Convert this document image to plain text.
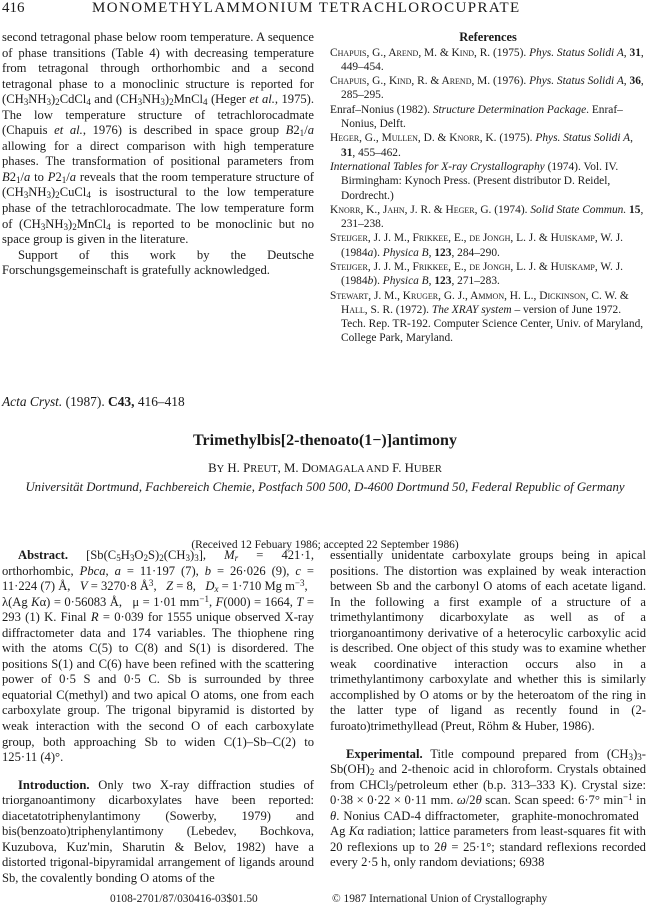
416	MONOMETHYLAMMONIUM TETRACHLOROCUPRATE

second tetragonal phase below room temperature. A sequence of phase transitions (Table 4) with decreasing temperature from tetragonal through orthorhombic and a second tetragonal phase to a monoclinic structure is reported for $(CH_3NH_3)_2CdCl_4$ and $(CH_3NH_3)_2MnCl_4$ (Heger et al., 1975). The low temperature structure of tetrachlorocadmate (Chapuis et al., 1976) is described in space group $B2_1/a$ allowing for a direct comparison with high temperature phases. The transformation of positional parameters from $B2_1/a$ to $P2_1/a$ reveals that the room temperature structure of $(CH_3NH_3)_2CuCl_4$ is isostructural to the low temperature phase of the tetrachlorocadmate. The low temperature form of $(CH_3NH_3)_2MnCl_4$ is reported to be monoclinic but no space group is given in the literature.

Support of this work by the Deutsche Forschungsgemeinschaft is gratefully acknowledged.

References

Chapuis, G., Arend, M. & Kind, R. (1975). Phys. Status Solidi A, 31, 449–454.

Chapuis, G., Kind, R. & Arend, M. (1976). Phys. Status Solidi A, 36, 285–295.

Enraf–Nonius (1982). Structure Determination Package. Enraf–Nonius, Delft.

Heger, G., Mullen, D. & Knorr, K. (1975). Phys. Status Solidi A, 31, 455–462.

International Tables for X-ray Crystallography (1974). Vol. IV. Birmingham: Kynoch Press. (Present distributor D. Reidel, Dordrecht.)

Knorr, K., Jahn, J. R. & Heger, G. (1974). Solid State Commun. 15, 231–238.

Steijger, J. J. M., Frikkee, E., de Jongh, L. J. & Huiskamp, W. J. (1984a). Physica B, 123, 284–290.

Steijger, J. J. M., Frikkee, E., de Jongh, L. J. & Huiskamp, W. J. (1984b). Physica B, 123, 271–283.

Stewart, J. M., Kruger, G. J., Ammon, H. L., Dickinson, C. W. & Hall, S. R. (1972). The XRAY system – version of June 1972. Tech. Rep. TR-192. Computer Science Center, Univ. of Maryland, College Park, Maryland.

Acta Cryst. (1987). C43, 416–418
Trimethylbis[2-thenoato(1−)]antimony
BY H. PREUT, M. DOMAGALA AND F. HUBER
Universität Dortmund, Fachbereich Chemie, Postfach 500 500, D-4600 Dortmund 50, Federal Republic of Germany
(Received 12 Febuary 1986; accepted 22 September 1986)

Abstract. $[Sb(C_5H_3O_2S)_2(CH_3)_3]$, $M_r = 421\cdot 1$, orthorhombic, Pbca, a = 11·197 (7), b = 26·026 (9), c = 11·224 (7) Å,   V = 3270·8 $Å^3$,   Z = 8,   $D_x = 1\cdot 710$ Mg $m^{-3}$,   λ(Ag Kα) = 0·56083 Å,   μ = 1·01 $mm^{-1}$, F(000) = 1664, T = 293 (1) K. Final R = 0·039 for 1555 unique observed X-ray diffractometer data and 174 variables. The thiophene ring with the atoms C(5) to C(8) and S(1) is disordered. The positions S(1) and C(6) have been refined with the scattering power of 0·5 S and 0·5 C. Sb is surrounded by three equatorial C(methyl) and two apical O atoms, one from each carboxylate group. The trigonal bipyramid is distorted by weak interaction with the second O of each carboxylate group, both approaching Sb to widen C(1)–Sb–C(2) to 125·11 (4)°.

Introduction. Only two X-ray diffraction studies of triorganoantimony dicarboxylates have been reported: diacetatotriphenylantimony (Sowerby, 1979) and bis(benzoato)triphenylantimony (Lebedev, Bochkova, Kuzubova, Kuz'min, Sharutin & Belov, 1982) have a distorted trigonal-bipyramidal arrangement of ligands around Sb, the covalently bonding O atoms of the

essentially unidentate carboxylate groups being in apical positions. The distortion was explained by weak interaction between Sb and the carbonyl O atoms of each acetate ligand. In the following a first example of a structure of a trimethylantimony dicarboxylate as well as of a triorganoantimony derivative of a heterocylic carboxylic acid is described. One object of this study was to examine whether weak coordinative interaction occurs also in a trimethylantimony carboxylate and whether this is similarly accomplished by O atoms or by the heteroatom of the ring in the latter type of ligand as recently found in (2-furoato)trimethyllead (Preut, Röhm & Huber, 1986).

Experimental. Title compound prepared from $(CH_3)_3-Sb(OH)_2$ and 2-thenoic acid in chloroform. Crystals obtained from CHCl$_3$/petroleum ether (b.p. 313–333 K). Crystal size: 0·38 × 0·22 × 0·11 mm. ω/2θ scan. Scan speed: 6·7° $\min^{-1}$ in θ. Nonius CAD-4 diffractometer,   graphite-monochromated   Ag Kα radiation; lattice parameters from least-squares fit with 20 reflexions up to 2θ = 25·1°; standard reflexions recorded every 2·5 h, only random deviations; 6938

0108-2701/87/030416-03$01.50	© 1987 International Union of Crystallography
